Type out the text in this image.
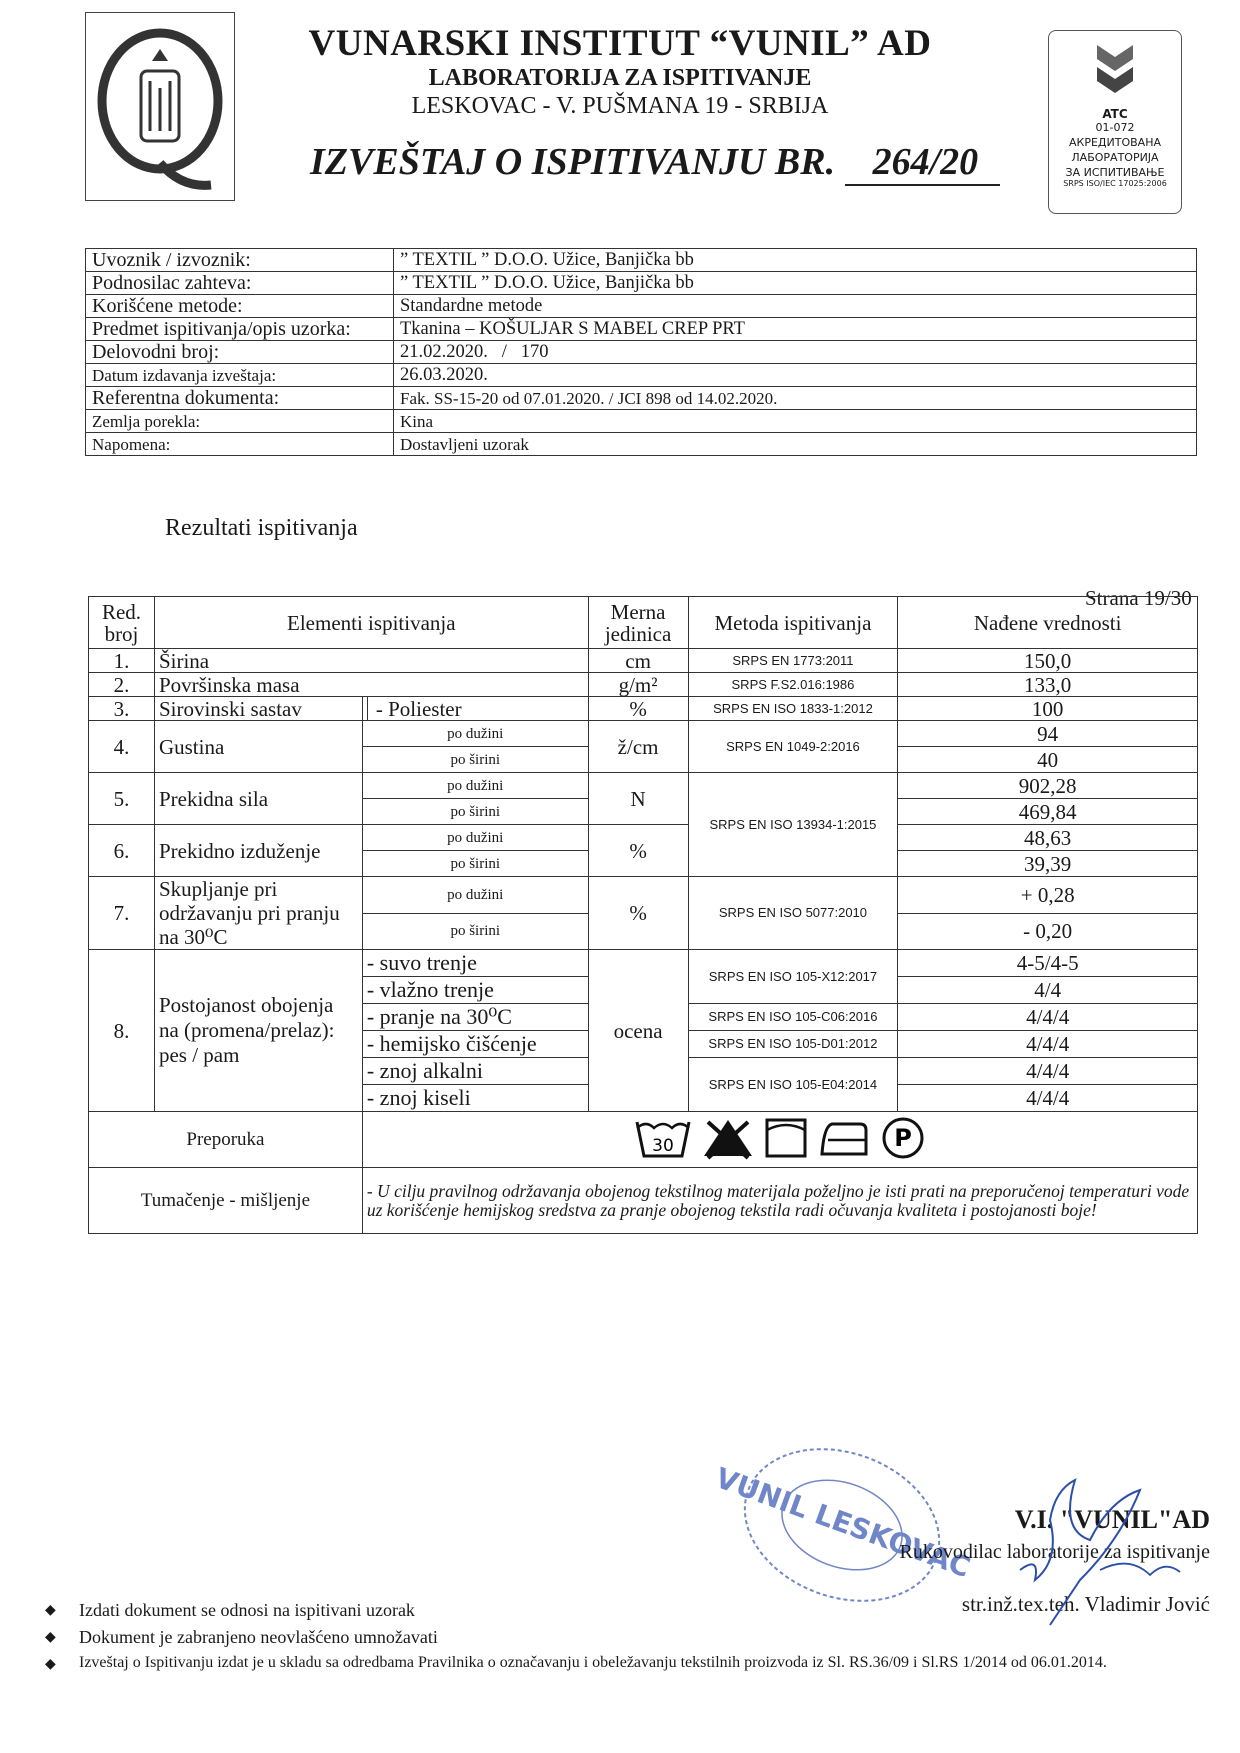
VUNARSKI INSTITUT “VUNIL” AD
LABORATORIJA ZA ISPITIVANJE
LESKOVAC - V. PUŠMANA 19 - SRBIJA
IZVEŠTAJ O ISPITIVANJU BR. 264/20
ATC
01-072
АКРЕДИТОВАНА
ЛАБОРАТОРИЈА
ЗА ИСПИТИВАЊЕ
SRPS ISO/IEC 17025:2006
Uvoznik / izvoznik:	” TEXTIL ” D.O.O. Užice, Banjička bb
Podnosilac zahteva:	” TEXTIL ” D.O.O. Užice, Banjička bb
Korišćene metode:	Standardne metode
Predmet ispitivanja/opis uzorka:	Tkanina – KOŠULJAR S MABEL CREP PRT
Delovodni broj:	21.02.2020.   /   170
Datum izdavanja izveštaja:	26.03.2020.
Referentna dokumenta:	Fak. SS-15-20 od 07.01.2020. / JCI 898 od 14.02.2020.
Zemlja porekla:	Kina
Napomena:	Dostavljeni uzorak
Rezultati ispitivanja
Strana 19/30
Red. broj	Elementi ispitivanja		Merna jedinica	Metoda ispitivanja	Nađene vrednosti
1.	Širina		cm	SRPS EN 1773:2011	150,0
2.	Površinska masa		g/m²	SRPS F.S2.016:1986	133,0
3.	Sirovinski sastav	- Poliester	%	SRPS EN ISO 1833-1:2012	100
4.	Gustina	po dužini	ž/cm	SRPS EN 1049-2:2016	94
		po širini			40
5.	Prekidna sila	po dužini	N	SRPS EN ISO 13934-1:2015	902,28
		po širini			469,84
6.	Prekidno izduženje	po dužini	%		48,63
		po širini			39,39
7.	Skupljanje pri održavanju pri pranju na 30⁰C	po dužini	%	SRPS EN ISO 5077:2010	+ 0,28
		po širini			- 0,20
8.	Postojanost obojenja na (promena/prelaz): pes / pam	- suvo trenje	ocena	SRPS EN ISO 105-X12:2017	4-5/4-5
		- vlažno trenje			4/4
		- pranje na 30⁰C		SRPS EN ISO 105-C06:2016	4/4/4
		- hemijsko čišćenje		SRPS EN ISO 105-D01:2012	4/4/4
		- znoj alkalni		SRPS EN ISO 105-E04:2014	4/4/4
		- znoj kiseli			4/4/4
Preporuka		30 P			

Tumačenje - mišljenje		- U cilju pravilnog održavanja obojenog tekstilnog materijala poželjno je isti prati na preporučenoj temperaturi vode uz korišćenje hemijskog sredstva za pranje obojenog tekstila radi očuvanja kvaliteta i postojanosti boje!			
VUNIL LESKOVAC	V.I. "VUNIL"AD
Rukovodilac laboratorije za ispitivanje
str.inž.tex.teh. Vladimir Jović
◆	Izdati dokument se odnosi na ispitivani uzorak
◆	Dokument je zabranjeno neovlašćeno umnožavati
◆	Izveštaj o Ispitivanju izdat je u skladu sa odredbama Pravilnika o označavanju i obeležavanju tekstilnih proizvoda iz Sl. RS.36/09 i Sl.RS 1/2014 od 06.01.2014.
